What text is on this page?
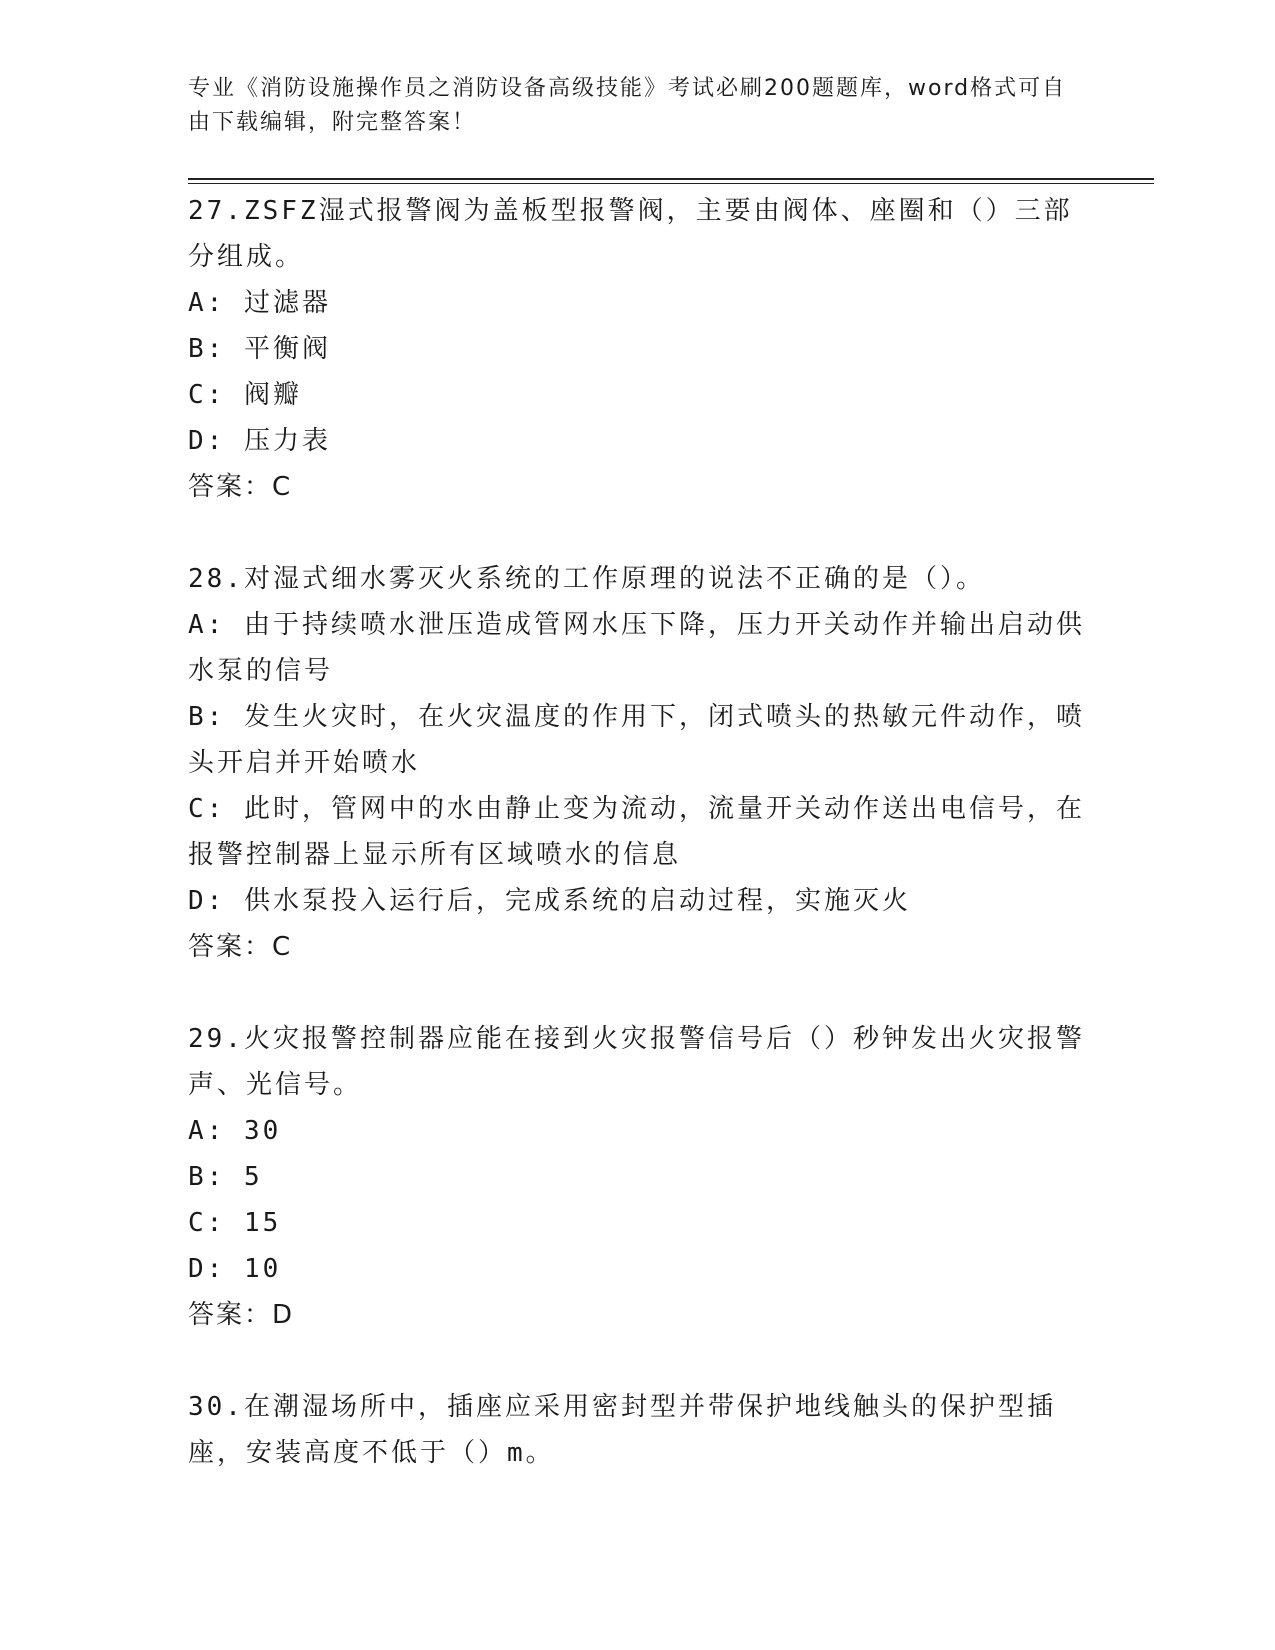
专业《消防设施操作员之消防设备高级技能》考试必刷200题题库，word格式可自由下载编辑，附完整答案！

27.ZSFZ湿式报警阀为盖板型报警阀，主要由阀体、座圈和（）三部分组成。

A: 过滤器

B: 平衡阀

C: 阀瓣

D: 压力表

答案：C

28.对湿式细水雾灭火系统的工作原理的说法不正确的是（）。

A: 由于持续喷水泄压造成管网水压下降，压力开关动作并输出启动供水泵的信号

B: 发生火灾时，在火灾温度的作用下，闭式喷头的热敏元件动作，喷头开启并开始喷水

C: 此时，管网中的水由静止变为流动，流量开关动作送出电信号，在报警控制器上显示所有区域喷水的信息

D: 供水泵投入运行后，完成系统的启动过程，实施灭火

答案：C

29.火灾报警控制器应能在接到火灾报警信号后（）秒钟发出火灾报警声、光信号。

A: 30

B: 5

C: 15

D: 10

答案：D

30.在潮湿场所中，插座应采用密封型并带保护地线触头的保护型插座，安装高度不低于（）m。
